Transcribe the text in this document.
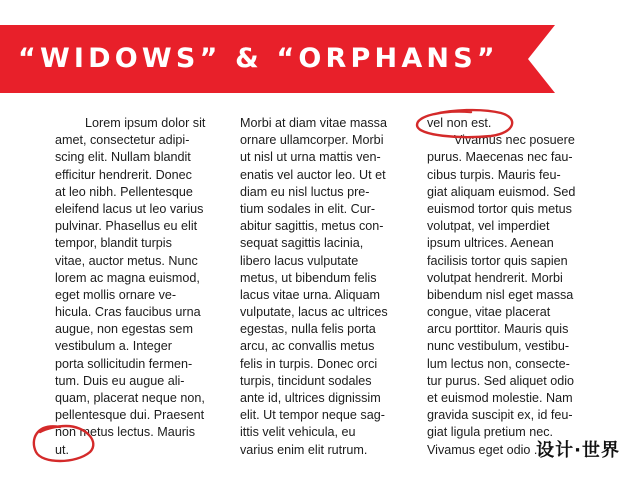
“WIDOWS” & “ORPHANS”
Lorem ipsum dolor sit
amet, consectetur adipi-
scing elit. Nullam blandit
efficitur hendrerit. Donec
at leo nibh. Pellentesque
eleifend lacus ut leo varius
pulvinar. Phasellus eu elit
tempor, blandit turpis
vitae, auctor metus. Nunc
lorem ac magna euismod,
eget mollis ornare ve-
hicula. Cras faucibus urna
augue, non egestas sem
vestibulum a. Integer
porta sollicitudin fermen-
tum. Duis eu augue ali-
quam, placerat neque non,
pellentesque dui. Praesent
non metus lectus. Mauris
ut.
Morbi at diam vitae massa
ornare ullamcorper. Morbi
ut nisl ut urna mattis ven-
enatis vel auctor leo. Ut et
diam eu nisl luctus pre-
tium sodales in elit. Cur-
abitur sagittis, metus con-
sequat sagittis lacinia,
libero lacus vulputate
metus, ut bibendum felis
lacus vitae urna. Aliquam
vulputate, lacus ac ultrices
egestas, nulla felis porta
arcu, ac convallis metus
felis in turpis. Donec orci
turpis, tincidunt sodales
ante id, ultrices dignissim
elit. Ut tempor neque sag-
ittis velit vehicula, eu
varius enim elit rutrum.
vel non est.
Vivamus nec posuere
purus. Maecenas nec fau-
cibus turpis. Mauris feu-
giat aliquam euismod. Sed
euismod tortor quis metus
volutpat, vel imperdiet
ipsum ultrices. Aenean
facilisis tortor quis sapien
volutpat hendrerit. Morbi
bibendum nisl eget massa
congue, vitae placerat
arcu porttitor. Mauris quis
nunc vestibulum, vestibu-
lum lectus non, consecte-
tur purus. Sed aliquet odio
et euismod molestie. Nam
gravida suscipit ex, id feu-
giat ligula pretium nec.
Vivamus eget odio ...
设计·世界
